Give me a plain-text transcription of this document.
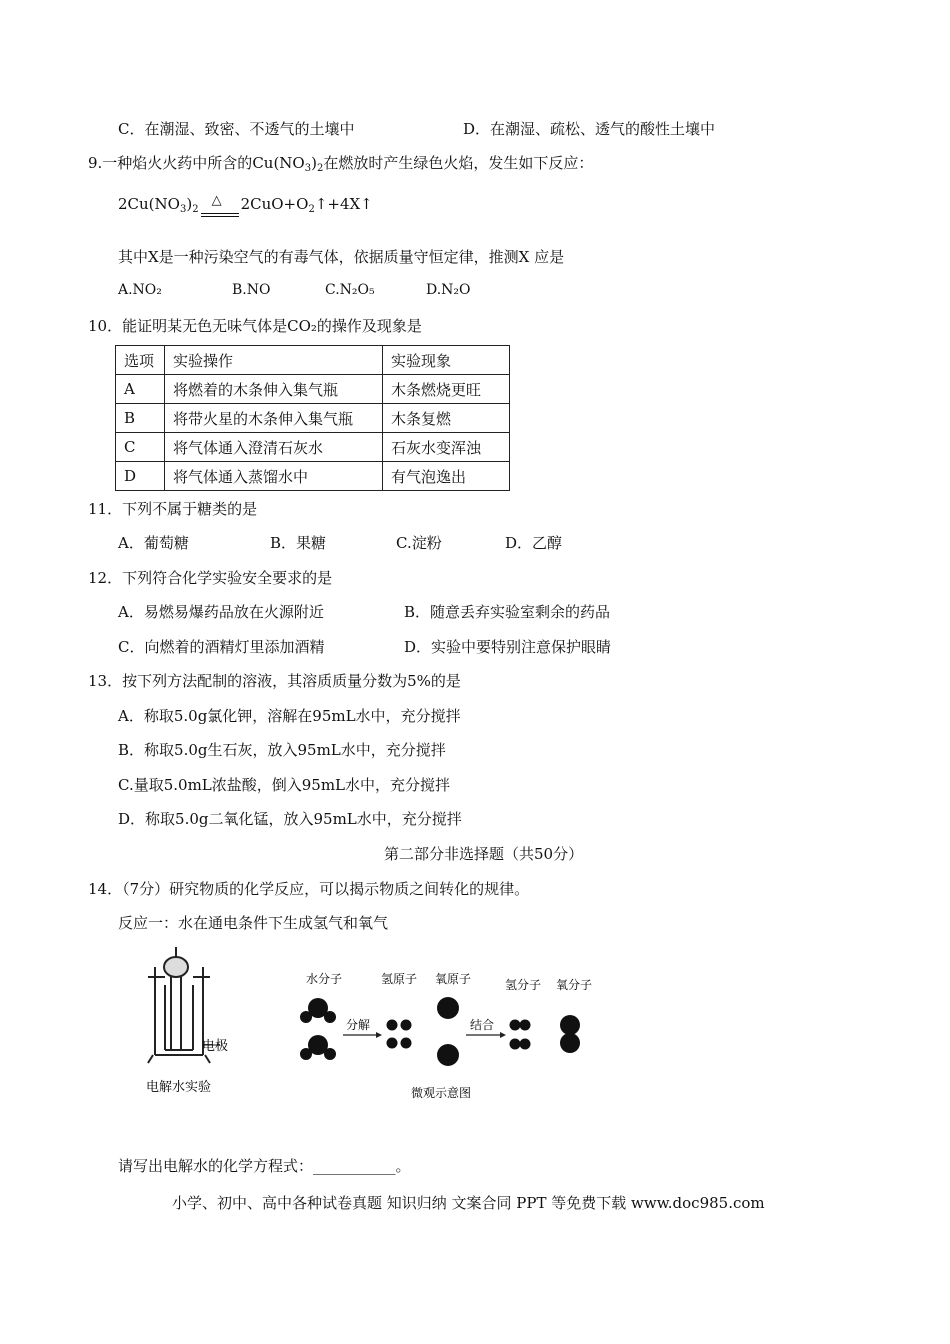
C．在潮湿、致密、不透气的土壤中	D．在潮湿、疏松、透气的酸性土壤中
9.一种焰火火药中所含的$Cu(NO_3)_2$在燃放时产生绿色火焰，发生如下反应：
$2Cu(NO_3)_2$
△ $2CuO+O_2↑+4X↑$
其中X是一种污染空气的有毒气体，依据质量守恒定律，推测X 应是
A.NO₂	B.NO	C.N₂O₅	D.N₂O
10．能证明某无色无味气体是CO₂的操作及现象是
选项	实验操作	实验现象
A	将燃着的木条伸入集气瓶	木条燃烧更旺
B	将带火星的木条伸入集气瓶	木条复燃
C	将气体通入澄清石灰水	石灰水变浑浊
D	将气体通入蒸馏水中	有气泡逸出
11．下列不属于糖类的是
A．葡萄糖	B．果糖	C.淀粉	D．乙醇
12．下列符合化学实验安全要求的是
A．易燃易爆药品放在火源附近	B．随意丢弃实验室剩余的药品
C．向燃着的酒精灯里添加酒精	D．实验中要特别注意保护眼睛
13．按下列方法配制的溶液，其溶质质量分数为5%的是
A．称取5.0g氯化钾，溶解在95mL水中，充分搅拌
B．称取5.0g生石灰，放入95mL水中，充分搅拌
C.量取5.0mL浓盐酸，倒入95mL水中，充分搅拌
D．称取5.0g二氧化锰，放入95mL水中，充分搅拌
第二部分非选择题（共50分）
14．（7分）研究物质的化学反应，可以揭示物质之间转化的规律。
反应一：水在通电条件下生成氢气和氧气
电极
电解水实验
水分子	氢原子 氧原子	氢分子 氧分子
分解	结合
微观示意图
请写出电解水的化学方程式：___________。
小学、初中、高中各种试卷真题 知识归纳 文案合同 PPT 等免费下载 www.doc985.com
